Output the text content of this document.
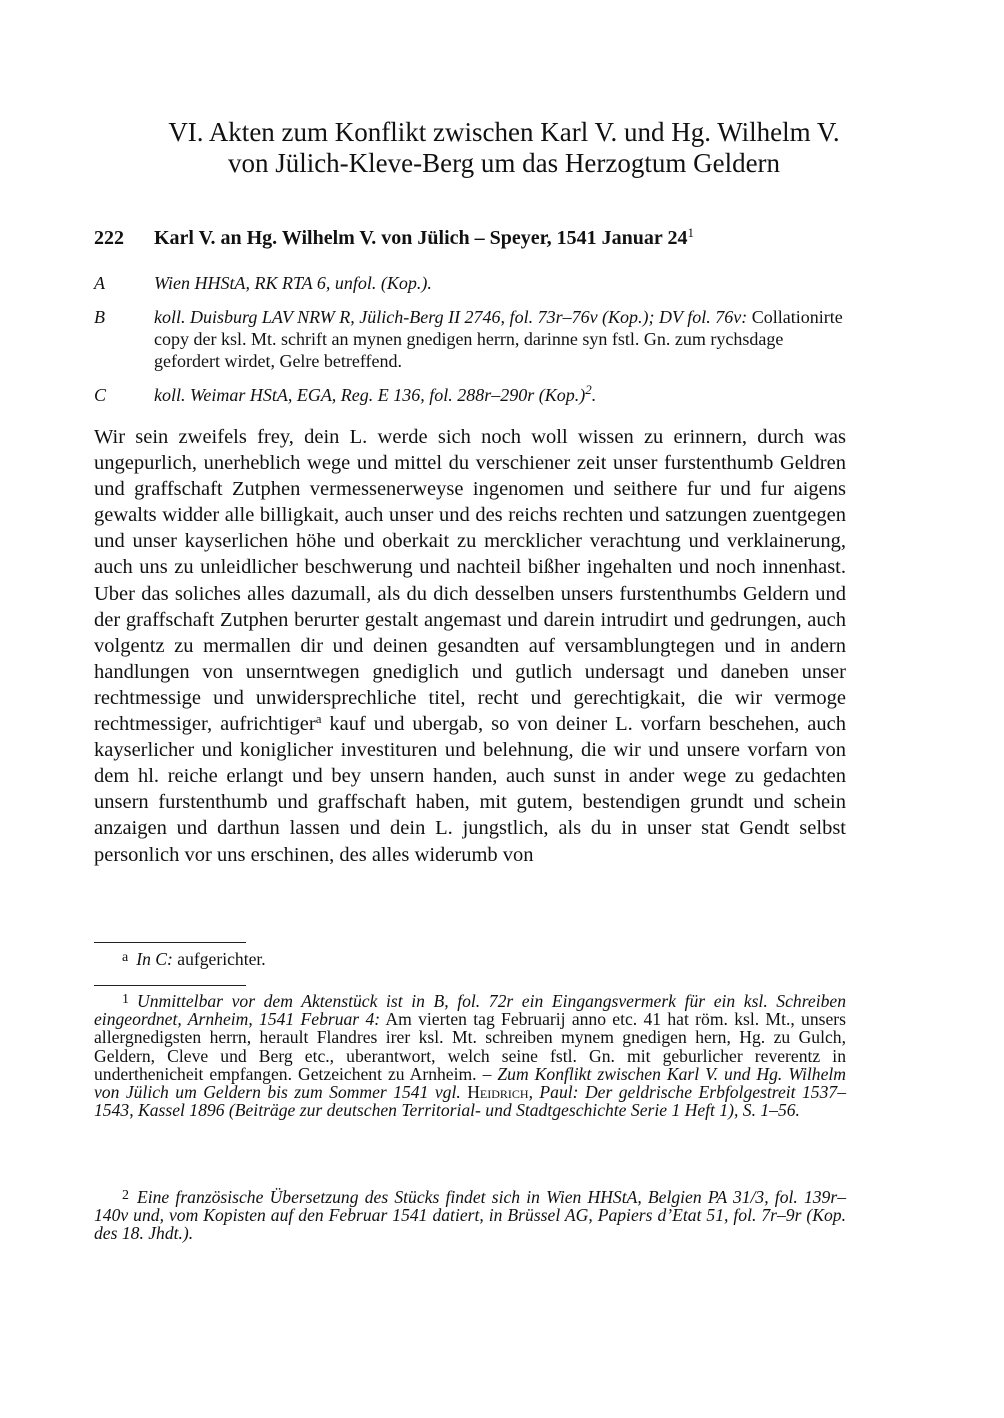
VI. Akten zum Konflikt zwischen Karl V. und Hg. Wilhelm V.
von Jülich-Kleve-Berg um das Herzogtum Geldern
222 Karl V. an Hg. Wilhelm V. von Jülich – Speyer, 1541 Januar $24^1$
A	Wien HHStA, RK RTA 6, unfol. (Kop.).
B	koll. Duisburg LAV NRW R, Jülich-Berg II 2746, fol. 73r–76v (Kop.); DV fol. 76v: Collationirte copy der ksl. Mt. schrift an mynen gnedigen herrn, darinne syn fstl. Gn. zum rychsdage gefordert wirdet, Gelre betreffend.
C	koll. Weimar HStA, EGA, Reg. E 136, fol. 288r–290r $(Kop.)^2$.
Wir sein zweifels frey, dein L. werde sich noch woll wissen zu erinnern, durch was ungepurlich, unerheblich wege und mittel du verschiener zeit unser furstenthumb Geldren und graffschaft Zutphen vermessenerweyse ingenomen und seithere fur und fur aigens gewalts widder alle billigkait, auch unser und des reichs rechten und satzungen zuentgegen und unser kayserlichen höhe und oberkait zu mercklicher verachtung und verklainerung, auch uns zu unleidlicher beschwerung und nachteil bißher ingehalten und noch innenhast. Uber das soliches alles dazumall, als du dich desselben unsers furstenthumbs Geldern und der graffschaft Zutphen berurter gestalt angemast und darein intrudirt und gedrungen, auch volgentz zu mermallen dir und deinen gesandten auf versamblungtegen und in andern handlungen von unserntwegen gnediglich und gutlich undersagt und daneben unser rechtmessige und unwidersprechliche titel, recht und gerechtigkait, die wir vermoge rechtmessiger, aufrichtiger$^a$ kauf und ubergab, so von deiner L. vorfarn beschehen, auch kayserlicher und koniglicher investituren und belehnung, die wir und unsere vorfarn von dem hl. reiche erlangt und bey unsern handen, auch sunst in ander wege zu gedachten unsern furstenthumb und graffschaft haben, mit gutem, bestendigen grundt und schein anzaigen und darthun lassen und dein L. jungstlich, als du in unser stat Gendt selbst personlich vor uns erschinen, des alles widerumb von
a In C: aufgerichter.
1 Unmittelbar vor dem Aktenstück ist in B, fol. 72r ein Eingangsvermerk für ein ksl. Schreiben eingeordnet, Arnheim, 1541 Februar 4: Am vierten tag Februarij anno etc. 41 hat röm. ksl. Mt., unsers allergnedigsten herrn, herault Flandres irer ksl. Mt. schreiben mynem gnedigen hern, Hg. zu Gulch, Geldern, Cleve und Berg etc., uberantwort, welch seine fstl. Gn. mit geburlicher reverentz in underthenicheit empfangen. Getzeichent zu Arnheim. – Zum Konflikt zwischen Karl V. und Hg. Wilhelm von Jülich um Geldern bis zum Sommer 1541 vgl. Heidrich, Paul: Der geldrische Erbfolgestreit 1537–1543, Kassel 1896 (Beiträge zur deutschen Territorial- und Stadtgeschichte Serie 1 Heft 1), S. 1–56.
2 Eine französische Übersetzung des Stücks findet sich in Wien HHStA, Belgien PA 31/3, fol. 139r–140v und, vom Kopisten auf den Februar 1541 datiert, in Brüssel AG, Papiers d’Etat 51, fol. 7r–9r (Kop. des 18. Jhdt.).
